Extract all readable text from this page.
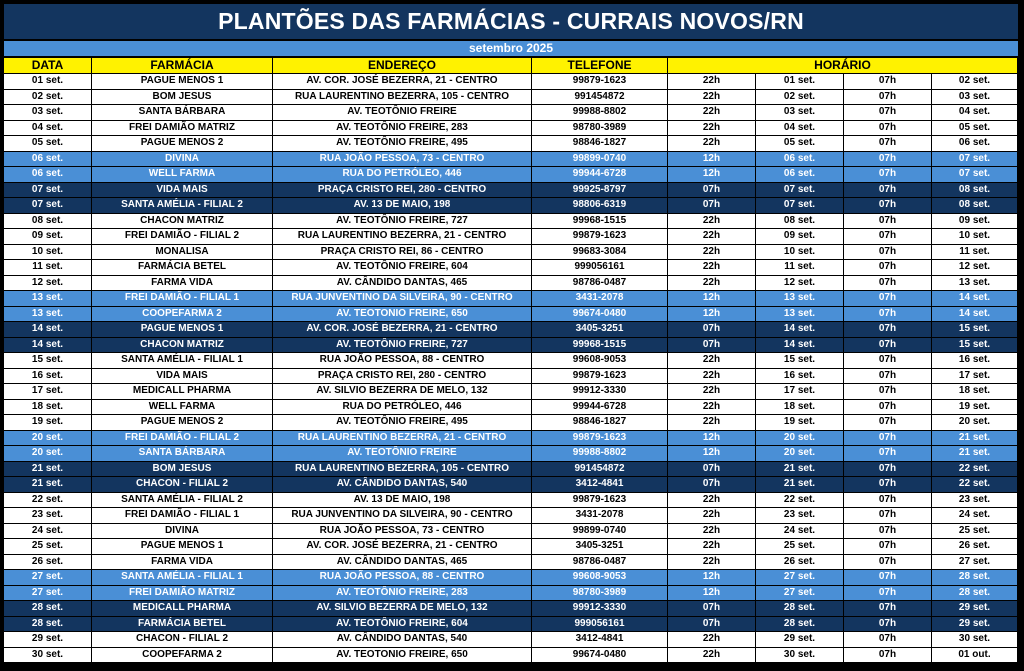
PLANTÕES DAS FARMÁCIAS - CURRAIS NOVOS/RN
setembro 2025
DATA	FARMÁCIA	ENDEREÇO	TELEFONE	HORÁRIO			
01 set.	PAGUE MENOS 1	AV. COR. JOSÉ BEZERRA, 21 - CENTRO	99879-1623	22h	01 set.	07h	02 set.
02 set.	BOM JESUS	RUA LAURENTINO BEZERRA, 105 - CENTRO	991454872	22h	02 set.	07h	03 set.
03 set.	SANTA BÁRBARA	AV. TEOTÔNIO FREIRE	99988-8802	22h	03 set.	07h	04 set.
04 set.	FREI DAMIÃO MATRIZ	AV. TEOTÔNIO FREIRE, 283	98780-3989	22h	04 set.	07h	05 set.
05 set.	PAGUE MENOS 2	AV. TEOTÔNIO FREIRE, 495	98846-1827	22h	05 set.	07h	06 set.
06 set.	DIVINA	RUA JOÃO PESSOA, 73 - CENTRO	99899-0740	12h	06 set.	07h	07 set.
06 set.	WELL FARMA	RUA DO PETRÓLEO, 446	99944-6728	12h	06 set.	07h	07 set.
07 set.	VIDA MAIS	PRAÇA CRISTO REI, 280 - CENTRO	99925-8797	07h	07 set.	07h	08 set.
07 set.	SANTA AMÉLIA - FILIAL 2	AV. 13 DE MAIO, 198	98806-6319	07h	07 set.	07h	08 set.
08 set.	CHACON MATRIZ	AV. TEOTÔNIO FREIRE, 727	99968-1515	22h	08 set.	07h	09 set.
09 set.	FREI DAMIÃO - FILIAL 2	RUA LAURENTINO BEZERRA, 21 - CENTRO	99879-1623	22h	09 set.	07h	10 set.
10 set.	MONALISA	PRAÇA CRISTO REI, 86 - CENTRO	99683-3084	22h	10 set.	07h	11 set.
11 set.	FARMÁCIA BETEL	AV. TEOTÔNIO FREIRE, 604	999056161	22h	11 set.	07h	12 set.
12 set.	FARMA VIDA	AV. CÂNDIDO DANTAS, 465	98786-0487	22h	12 set.	07h	13 set.
13 set.	FREI DAMIÃO - FILIAL 1	RUA JUNVENTINO DA SILVEIRA, 90 - CENTRO	3431-2078	12h	13 set.	07h	14 set.
13 set.	COOPEFARMA 2	AV. TEOTONIO FREIRE, 650	99674-0480	12h	13 set.	07h	14 set.
14 set.	PAGUE MENOS 1	AV. COR. JOSÉ BEZERRA, 21 - CENTRO	3405-3251	07h	14 set.	07h	15 set.
14 set.	CHACON MATRIZ	AV. TEOTÔNIO FREIRE, 727	99968-1515	07h	14 set.	07h	15 set.
15 set.	SANTA AMÉLIA - FILIAL 1	RUA JOÃO PESSOA, 88 - CENTRO	99608-9053	22h	15 set.	07h	16 set.
16 set.	VIDA MAIS	PRAÇA CRISTO REI, 280 - CENTRO	99879-1623	22h	16 set.	07h	17 set.
17 set.	MEDICALL PHARMA	AV. SILVIO BEZERRA DE MELO, 132	99912-3330	22h	17 set.	07h	18 set.
18 set.	WELL FARMA	RUA DO PETRÓLEO, 446	99944-6728	22h	18 set.	07h	19 set.
19 set.	PAGUE MENOS 2	AV. TEOTÔNIO FREIRE, 495	98846-1827	22h	19 set.	07h	20 set.
20 set.	FREI DAMIÃO - FILIAL 2	RUA LAURENTINO BEZERRA, 21 - CENTRO	99879-1623	12h	20 set.	07h	21 set.
20 set.	SANTA BÁRBARA	AV. TEOTÔNIO FREIRE	99988-8802	12h	20 set.	07h	21 set.
21 set.	BOM JESUS	RUA LAURENTINO BEZERRA, 105 - CENTRO	991454872	07h	21 set.	07h	22 set.
21 set.	CHACON - FILIAL 2	AV. CÂNDIDO DANTAS, 540	3412-4841	07h	21 set.	07h	22 set.
22 set.	SANTA AMÉLIA - FILIAL 2	AV. 13 DE MAIO, 198	99879-1623	22h	22 set.	07h	23 set.
23 set.	FREI DAMIÃO - FILIAL 1	RUA JUNVENTINO DA SILVEIRA, 90 - CENTRO	3431-2078	22h	23 set.	07h	24 set.
24 set.	DIVINA	RUA JOÃO PESSOA, 73 - CENTRO	99899-0740	22h	24 set.	07h	25 set.
25 set.	PAGUE MENOS 1	AV. COR. JOSÉ BEZERRA, 21 - CENTRO	3405-3251	22h	25 set.	07h	26 set.
26 set.	FARMA VIDA	AV. CÂNDIDO DANTAS, 465	98786-0487	22h	26 set.	07h	27 set.
27 set.	SANTA AMÉLIA - FILIAL 1	RUA JOÃO PESSOA, 88 - CENTRO	99608-9053	12h	27 set.	07h	28 set.
27 set.	FREI DAMIÃO MATRIZ	AV. TEOTÔNIO FREIRE, 283	98780-3989	12h	27 set.	07h	28 set.
28 set.	MEDICALL PHARMA	AV. SILVIO BEZERRA DE MELO, 132	99912-3330	07h	28 set.	07h	29 set.
28 set.	FARMÁCIA BETEL	AV. TEOTÔNIO FREIRE, 604	999056161	07h	28 set.	07h	29 set.
29 set.	CHACON - FILIAL 2	AV. CÂNDIDO DANTAS, 540	3412-4841	22h	29 set.	07h	30 set.
30 set.	COOPEFARMA 2	AV. TEOTONIO FREIRE, 650	99674-0480	22h	30 set.	07h	01 out.
